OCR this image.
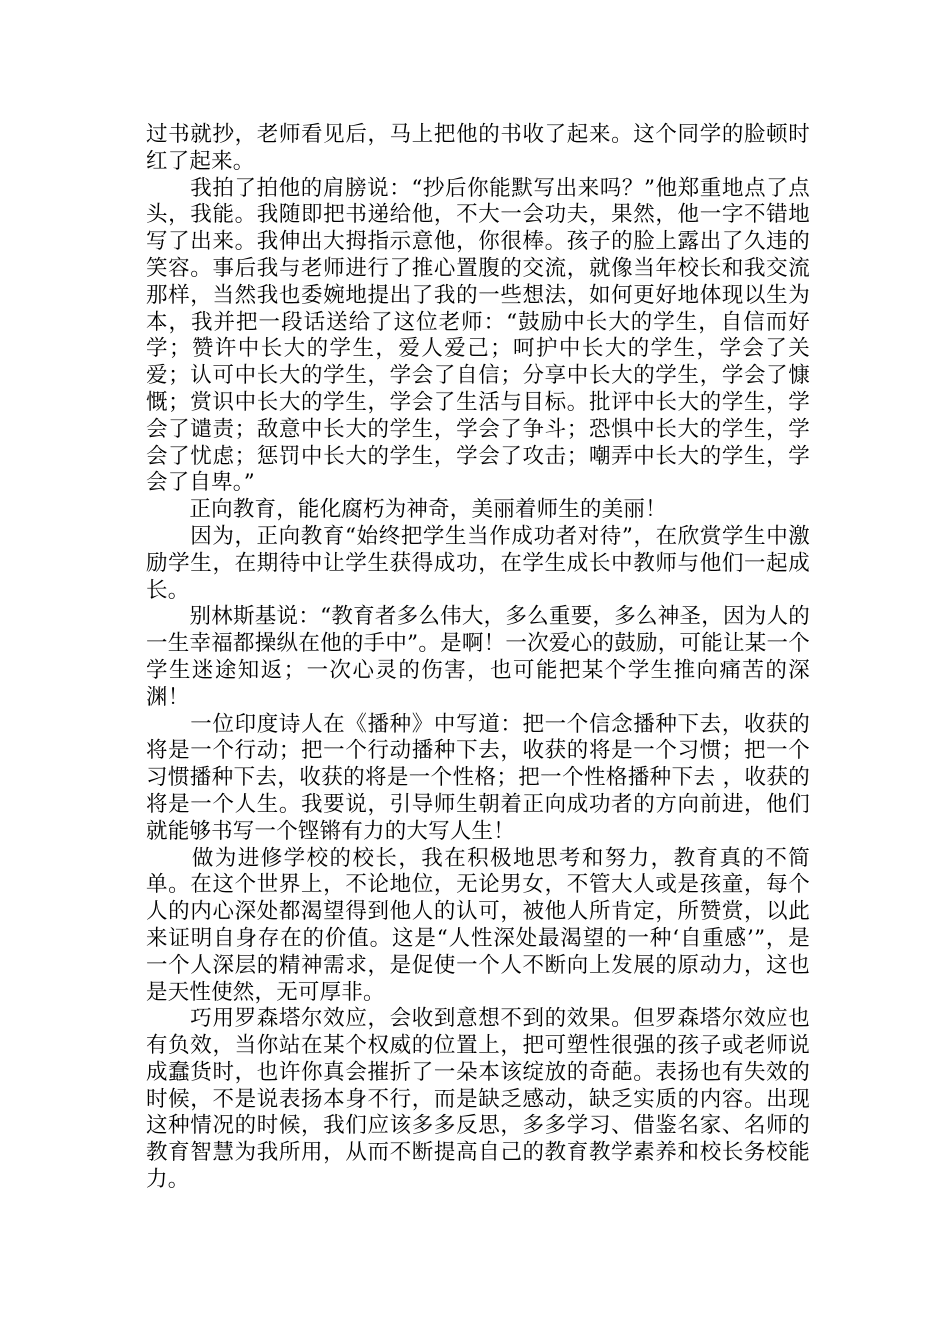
过书就抄，老师看见后，马上把他的书收了起来。这个同学的脸顿时红了起来。

　　我拍了拍他的肩膀说：“抄后你能默写出来吗？”他郑重地点了点头，我能。我随即把书递给他，不大一会功夫，果然，他一字不错地写了出来。我伸出大拇指示意他，你很棒。孩子的脸上露出了久违的笑容。事后我与老师进行了推心置腹的交流，就像当年校长和我交流那样，当然我也委婉地提出了我的一些想法，如何更好地体现以生为本，我并把一段话送给了这位老师：“鼓励中长大的学生，自信而好学；赞许中长大的学生，爱人爱己；呵护中长大的学生，学会了关爱；认可中长大的学生，学会了自信；分享中长大的学生，学会了慷慨；赏识中长大的学生，学会了生活与目标。批评中长大的学生，学会了谴责；敌意中长大的学生，学会了争斗；恐惧中长大的学生，学会了忧虑；惩罚中长大的学生，学会了攻击；嘲弄中长大的学生，学会了自卑。”

　　正向教育，能化腐朽为神奇，美丽着师生的美丽！

　　因为，正向教育“始终把学生当作成功者对待”，在欣赏学生中激励学生，在期待中让学生获得成功，在学生成长中教师与他们一起成长。

　　别林斯基说：“教育者多么伟大，多么重要，多么神圣，因为人的一生幸福都操纵在他的手中”。是啊！一次爱心的鼓励，可能让某一个学生迷途知返；一次心灵的伤害，也可能把某个学生推向痛苦的深渊！

　　一位印度诗人在《播种》中写道：把一个信念播种下去，收获的将是一个行动；把一个行动播种下去，收获的将是一个习惯；把一个习惯播种下去，收获的将是一个性格；把一个性格播种下去 ，收获的将是一个人生。我要说，引导师生朝着正向成功者的方向前进，他们就能够书写一个铿锵有力的大写人生！

　　做为进修学校的校长，我在积极地思考和努力，教育真的不简单。在这个世界上，不论地位，无论男女，不管大人或是孩童，每个人的内心深处都渴望得到他人的认可，被他人所肯定，所赞赏，以此来证明自身存在的价值。这是“人性深处最渴望的一种‘自重感’”，是一个人深层的精神需求，是促使一个人不断向上发展的原动力，这也是天性使然，无可厚非。

　　巧用罗森塔尔效应，会收到意想不到的效果。但罗森塔尔效应也有负效，当你站在某个权威的位置上，把可塑性很强的孩子或老师说成蠢货时，也许你真会摧折了一朵本该绽放的奇葩。表扬也有失效的时候，不是说表扬本身不行，而是缺乏感动，缺乏实质的内容。出现这种情况的时候，我们应该多多反思，多多学习、借鉴名家、名师的教育智慧为我所用，从而不断提高自己的教育教学素养和校长务校能力。
